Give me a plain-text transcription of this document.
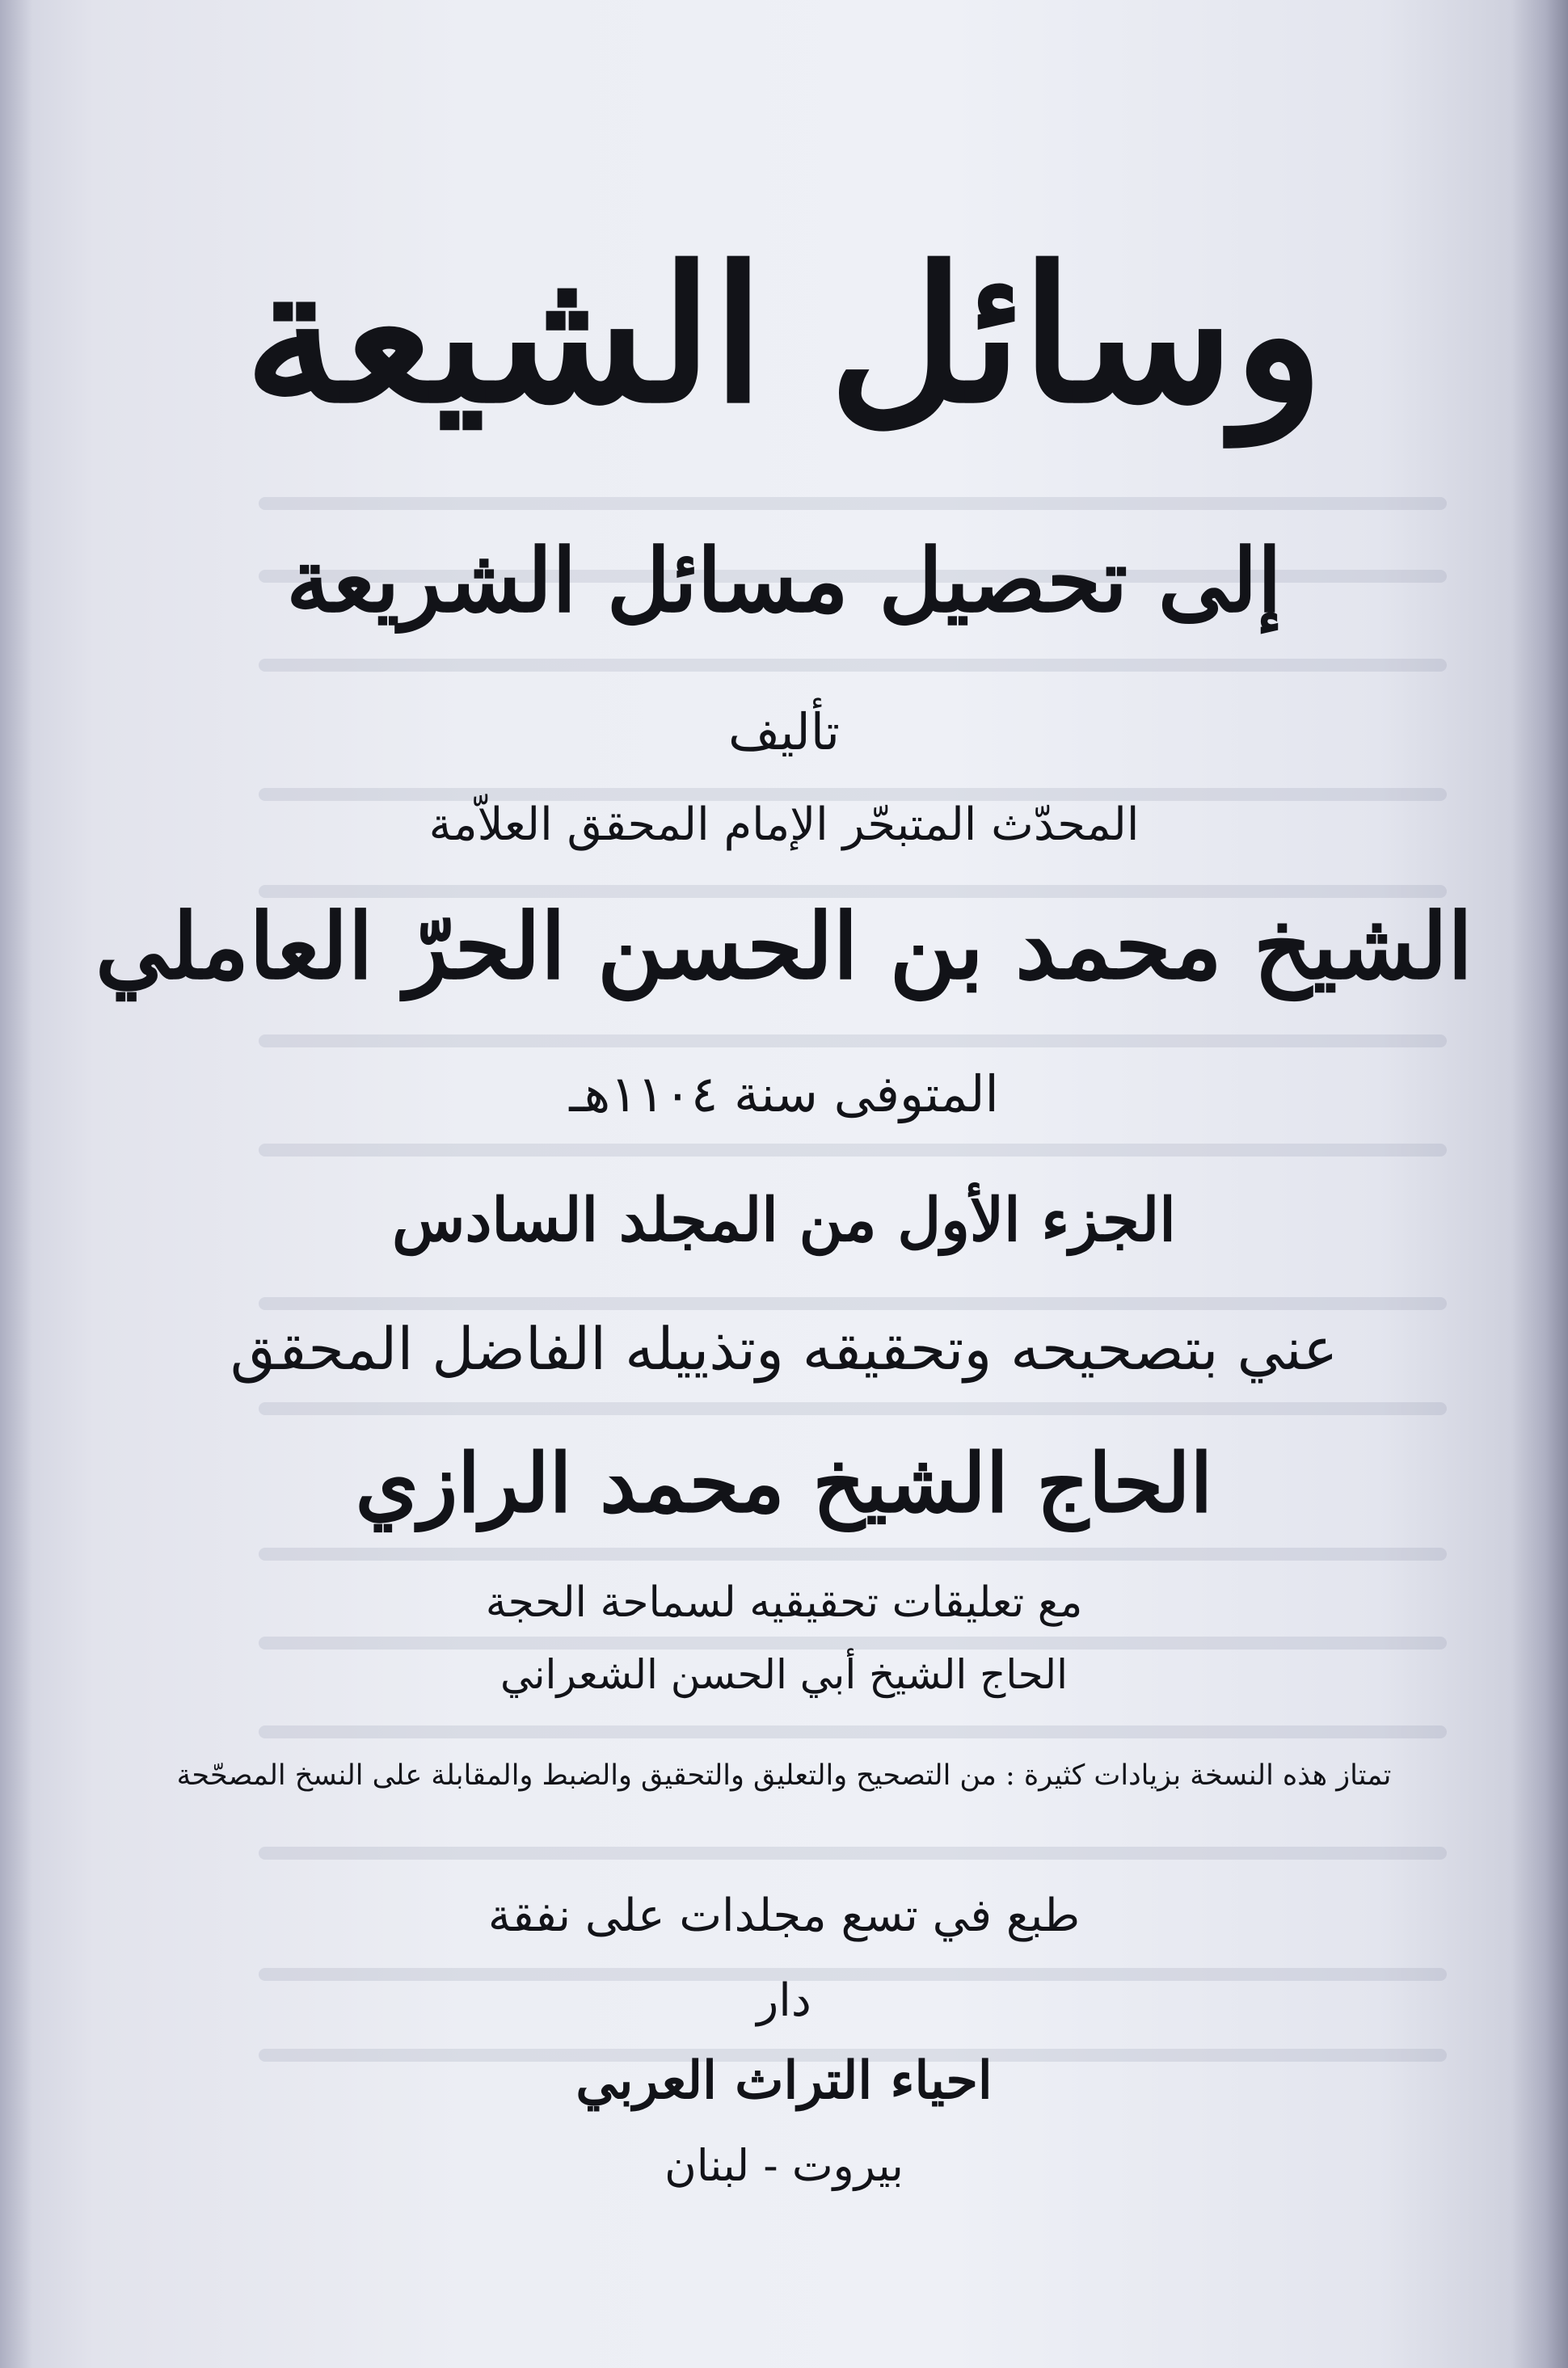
وسائل الشيعة
إلى تحصيل مسائل الشريعة
تأليف
المحدّث المتبحّر الإمام المحقق العلاّمة
الشيخ محمد بن الحسن الحرّ العاملي
المتوفى سنة ١١٠٤هـ
الجزء الأول من المجلد السادس
عني بتصحيحه وتحقيقه وتذييله الفاضل المحقق
الحاج الشيخ محمد الرازي
مع تعليقات تحقيقيه لسماحة الحجة
الحاج الشيخ أبي الحسن الشعراني
تمتاز هذه النسخة بزيادات كثيرة : من التصحيح والتعليق والتحقيق والضبط والمقابلة على النسخ المصحّحة
طبع في تسع مجلدات على نفقة
دار
احياء التراث العربي
بيروت - لبنان
